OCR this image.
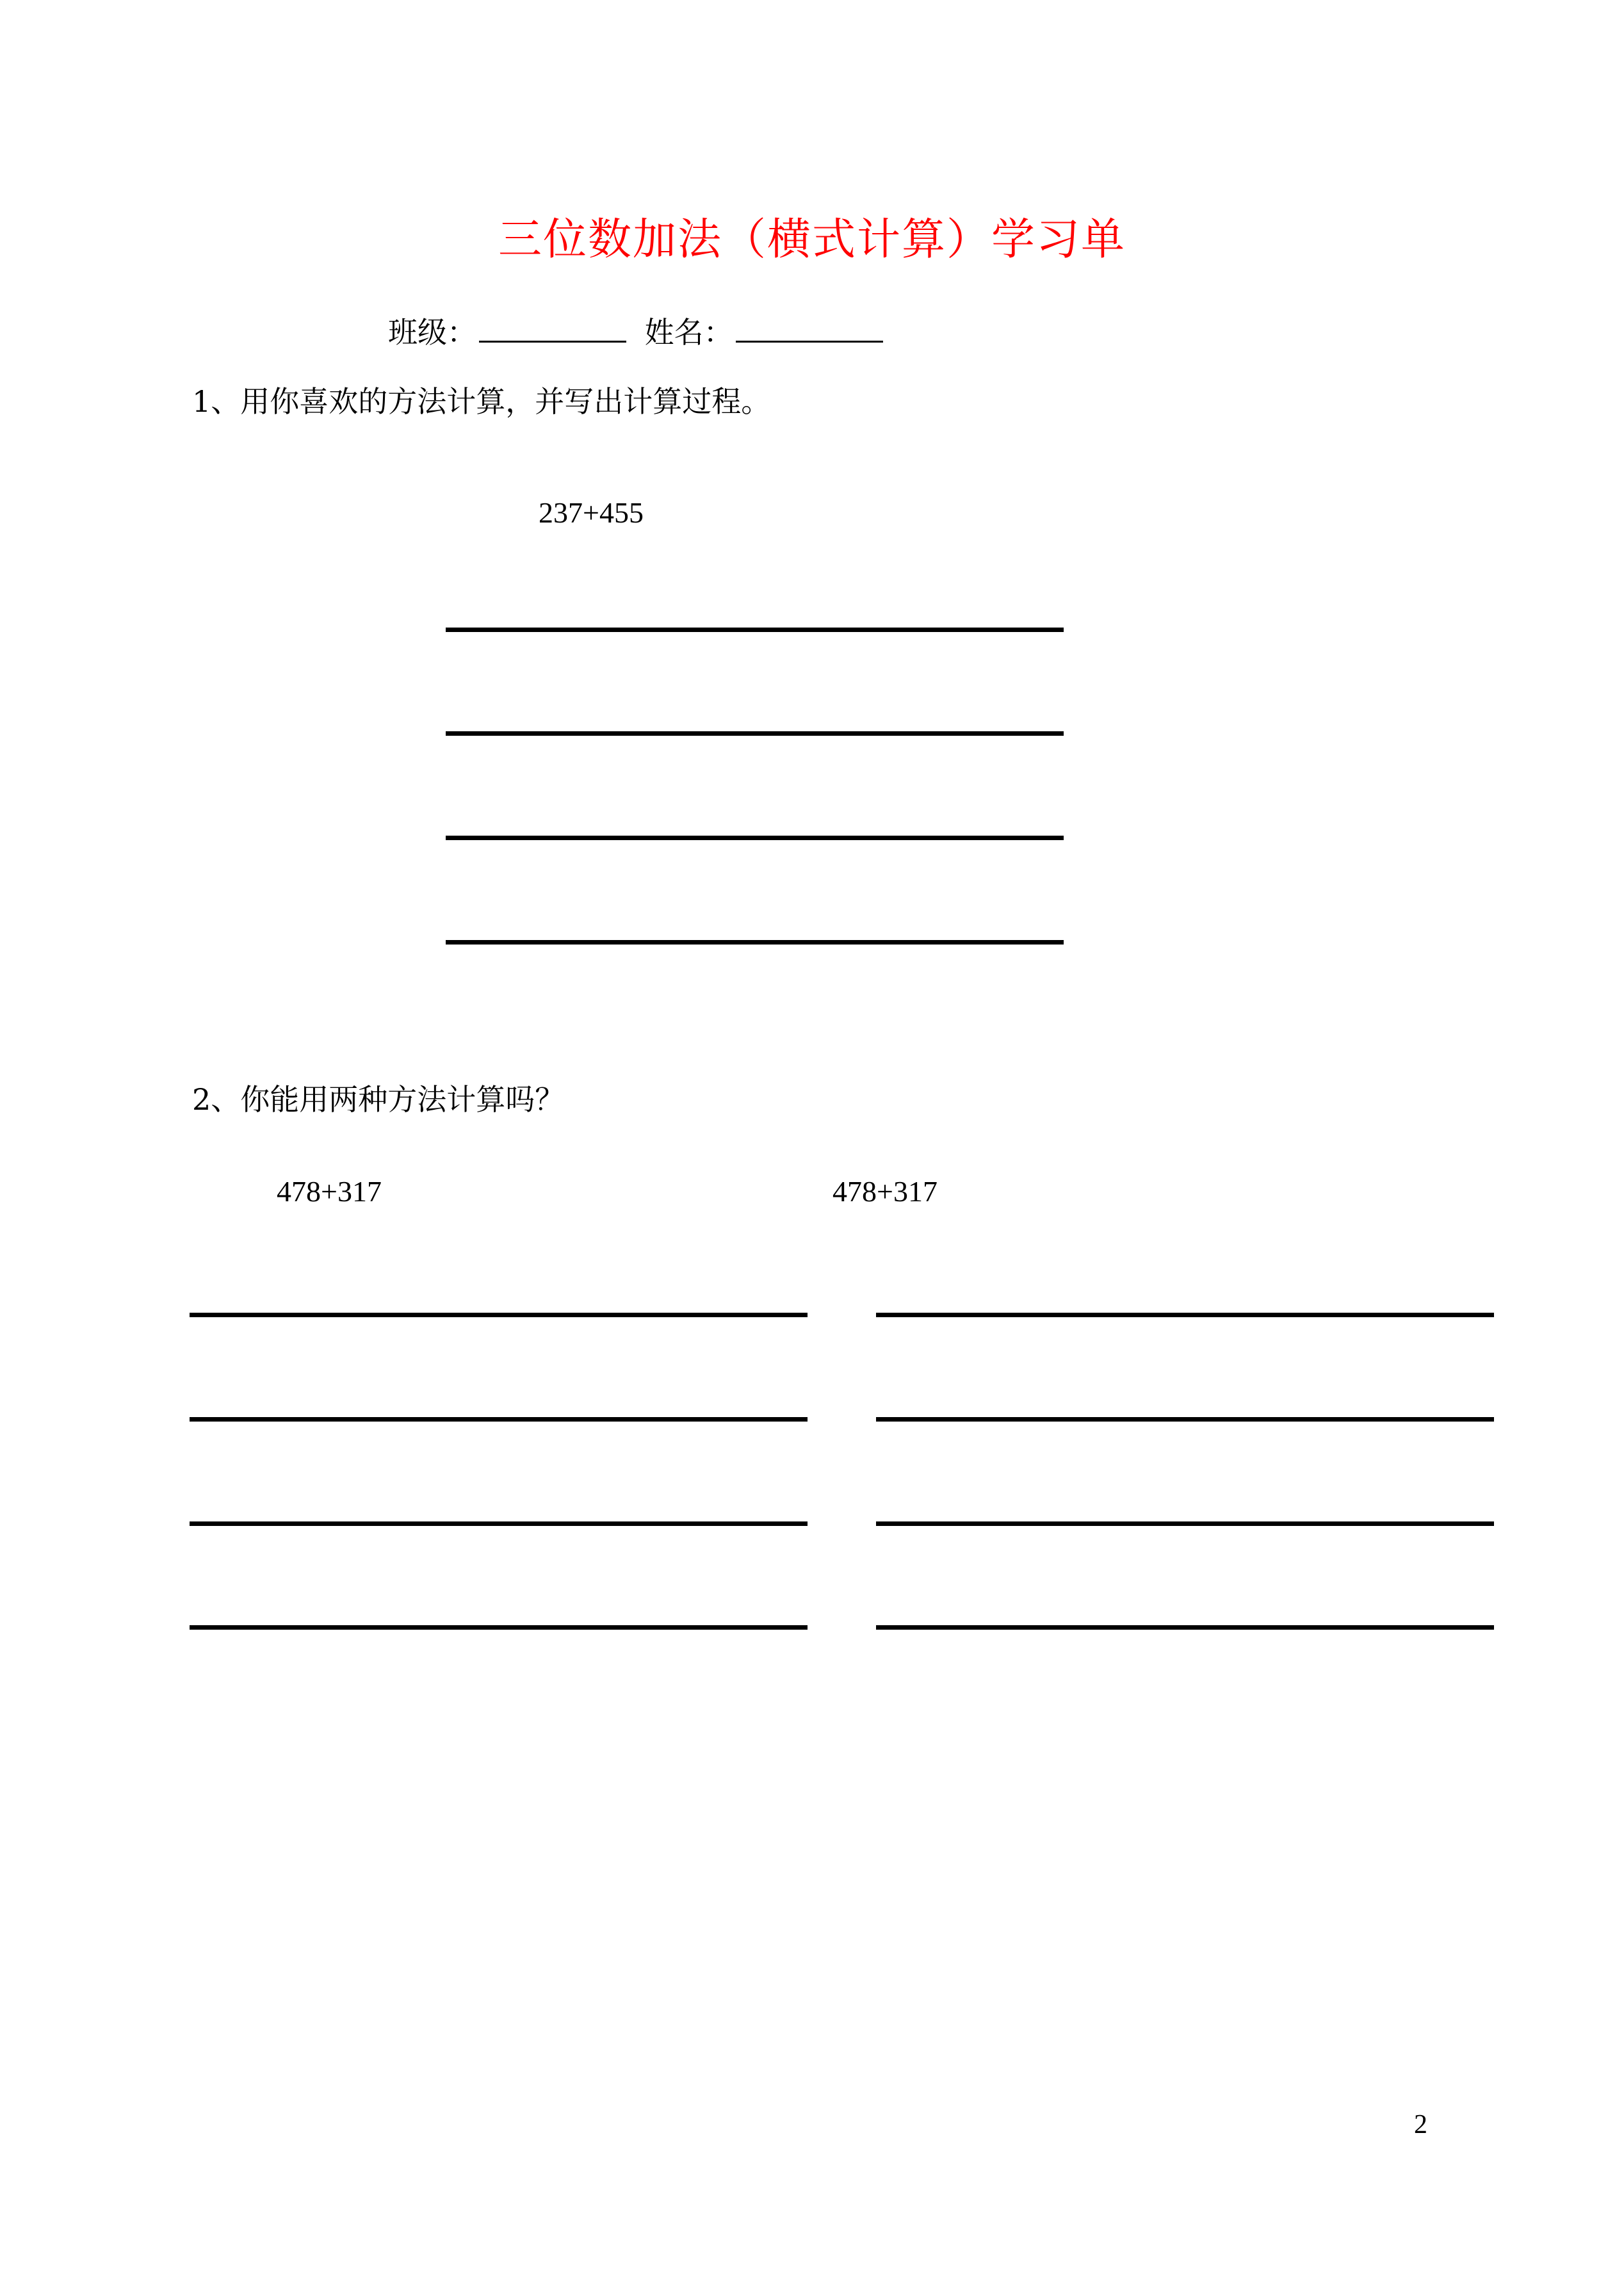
三位数加法（横式计算）学习单
班级：	姓名：
1、用你喜欢的方法计算，并写出计算过程。
237+455
2、你能用两种方法计算吗？
478+317	478+317
2
